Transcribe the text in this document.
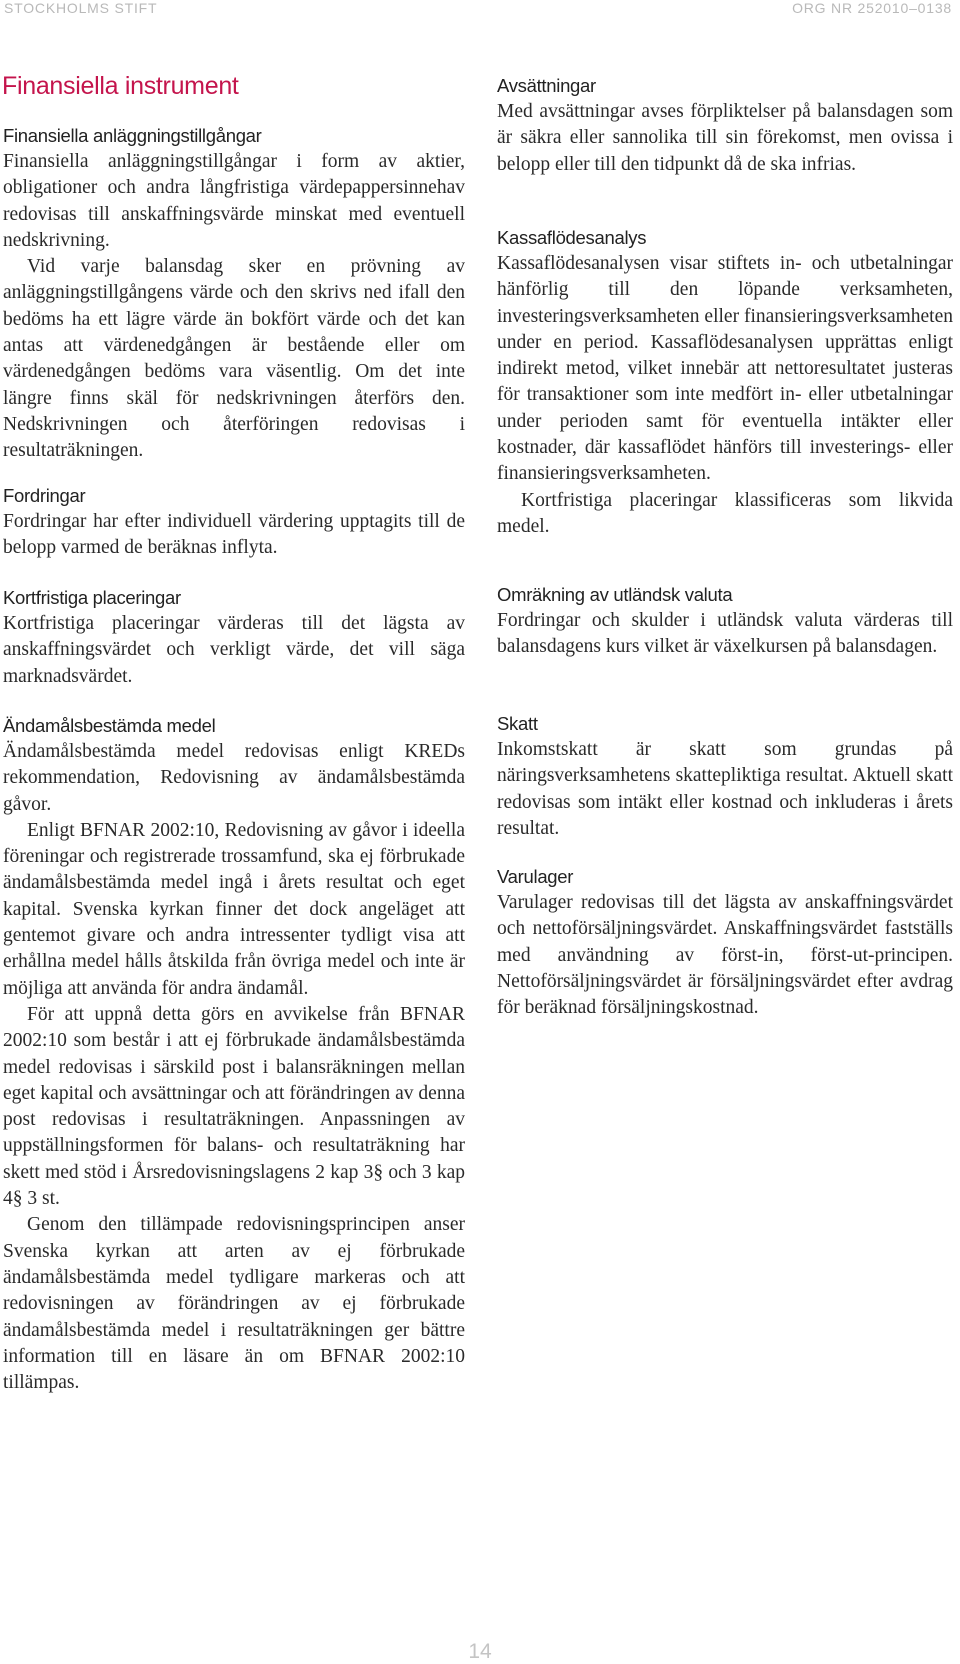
STOCKHOLMS STIFT	ORG NR 252010–0138
Finansiella instrument
Finansiella anläggningstillgångar

Finansiella anläggningstillgångar i form av aktier, obligationer och andra långfristiga värdepappersinnehav redovisas till anskaffningsvärde minskat med eventuell nedskrivning.

Vid varje balansdag sker en prövning av anläggningstillgångens värde och den skrivs ned ifall den bedöms ha ett lägre värde än bokfört värde och det kan antas att värdenedgången är bestående eller om värdenedgången bedöms vara väsentlig. Om det inte längre finns skäl för nedskrivningen återförs den. Nedskrivningen och återföringen redovisas i resultaträkningen.

Fordringar

Fordringar har efter individuell värdering upptagits till de belopp varmed de beräknas inflyta.

Kortfristiga placeringar

Kortfristiga placeringar värderas till det lägsta av anskaffningsvärdet och verkligt värde, det vill säga marknadsvärdet.

Ändamålsbestämda medel

Ändamålsbestämda medel redovisas enligt KREDs rekommendation, Redovisning av ändamålsbestämda gåvor.

Enligt BFNAR 2002:10, Redovisning av gåvor i ideella föreningar och registrerade trossamfund, ska ej förbrukade ändamålsbestämda medel ingå i årets resultat och eget kapital. Svenska kyrkan finner det dock angeläget att gentemot givare och andra intressenter tydligt visa att erhållna medel hålls åtskilda från övriga medel och inte är möjliga att använda för andra ändamål.

För att uppnå detta görs en avvikelse från BFNAR 2002:10 som består i att ej förbrukade ändamålsbestämda medel redovisas i särskild post i balansräkningen mellan eget kapital och avsättningar och att förändringen av denna post redovisas i resultaträkningen. Anpassningen av uppställningsformen för balans- och resultaträkning har skett med stöd i Årsredovisningslagens 2 kap 3§ och 3 kap 4§ 3 st.

Genom den tillämpade redovisningsprincipen anser Svenska kyrkan att arten av ej förbrukade ändamålsbestämda medel tydligare markeras och att redovisningen av förändringen av ej förbrukade ändamålsbestämda medel i resultaträkningen ger bättre information till en läsare än om BFNAR 2002:10 tillämpas.

Avsättningar

Med avsättningar avses förpliktelser på balansdagen som är säkra eller sannolika till sin förekomst, men ovissa i belopp eller till den tidpunkt då de ska infrias.

Kassaflödesanalys

Kassaflödesanalysen visar stiftets in- och utbetalningar hänförlig till den löpande verksamheten, investeringsverksamheten eller finansieringsverksamheten under en period. Kassaflödesanalysen upprättas enligt indirekt metod, vilket innebär att nettoresultatet justeras för transaktioner som inte medfört in- eller utbetalningar under perioden samt för eventuella intäkter eller kostnader, där kassaflödet hänförs till investerings- eller finansieringsverksamheten.

Kortfristiga placeringar klassificeras som likvida medel.

Omräkning av utländsk valuta

Fordringar och skulder i utländsk valuta värderas till balansdagens kurs vilket är växelkursen på balansdagen.

Skatt

Inkomstskatt är skatt som grundas på näringsverksamhetens skattepliktiga resultat. Aktuell skatt redovisas som intäkt eller kostnad och inkluderas i årets resultat.

Varulager

Varulager redovisas till det lägsta av anskaffningsvärdet och nettoförsäljningsvärdet. Anskaffningsvärdet fastställs med användning av först-in, först-ut-principen. Nettoförsäljningsvärdet är försäljningsvärdet efter avdrag för beräknad försäljningskostnad.

14
